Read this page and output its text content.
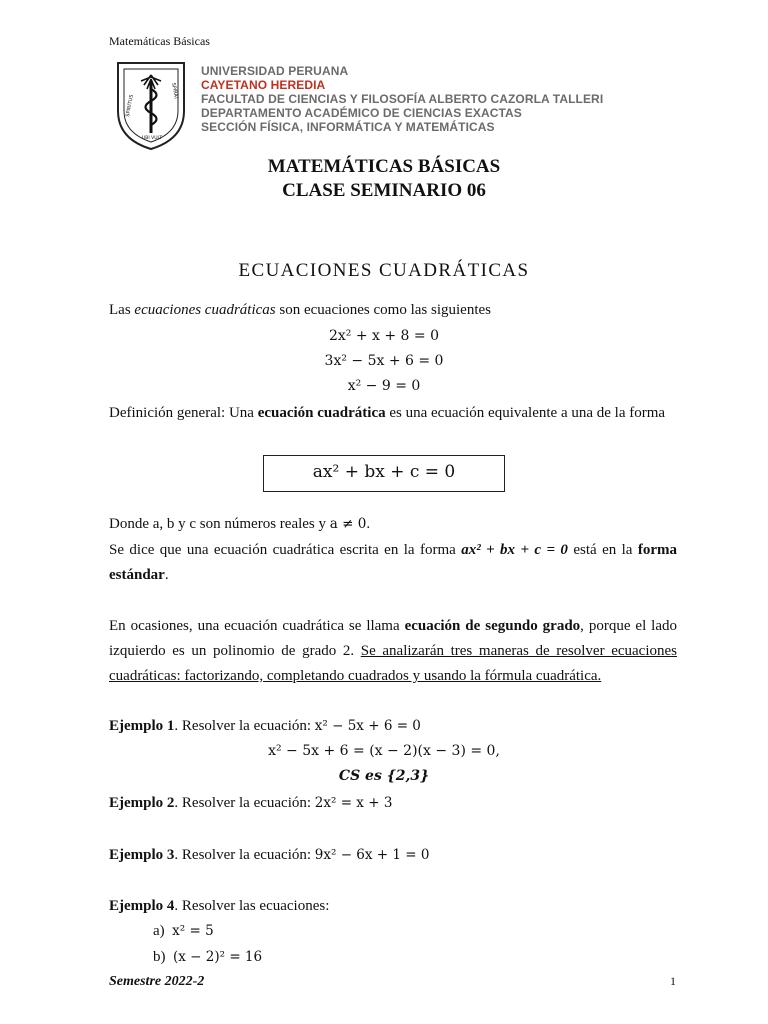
Matemáticas Básicas
SPIRITUS
SPIRAT
UBI VULT
UNIVERSIDAD PERUANA
CAYETANO HEREDIA
FACULTAD DE CIENCIAS Y FILOSOFÍA ALBERTO CAZORLA TALLERI
DEPARTAMENTO ACADÉMICO DE CIENCIAS EXACTAS
SECCIÓN FÍSICA, INFORMÁTICA Y MATEMÁTICAS
MATEMÁTICAS BÁSICAS
CLASE SEMINARIO 06
ECUACIONES CUADRÁTICAS
Las ecuaciones cuadráticas son ecuaciones como las siguientes
2x² + x + 8 = 0
3x² − 5x + 6 = 0
x² − 9 = 0
Definición general: Una ecuación cuadrática es una ecuación equivalente a una de la forma
ax² + bx + c = 0
Donde a, b y c son números reales y a ≠ 0.
Se dice que una ecuación cuadrática escrita en la forma ax² + bx + c = 0 está en la forma estándar.
En ocasiones, una ecuación cuadrática se llama ecuación de segundo grado, porque el lado izquierdo es un polinomio de grado 2. Se analizarán tres maneras de resolver ecuaciones cuadráticas: factorizando, completando cuadrados y usando la fórmula cuadrática.
Ejemplo 1. Resolver la ecuación: x² − 5x + 6 = 0
x² − 5x + 6 = (x − 2)(x − 3) = 0,
CS es {2,3}
Ejemplo 2. Resolver la ecuación: 2x² = x + 3
Ejemplo 3. Resolver la ecuación: 9x² − 6x + 1 = 0
Ejemplo 4. Resolver las ecuaciones:
a) x² = 5
b) (x − 2)² = 16
Semestre 2022-2	1
